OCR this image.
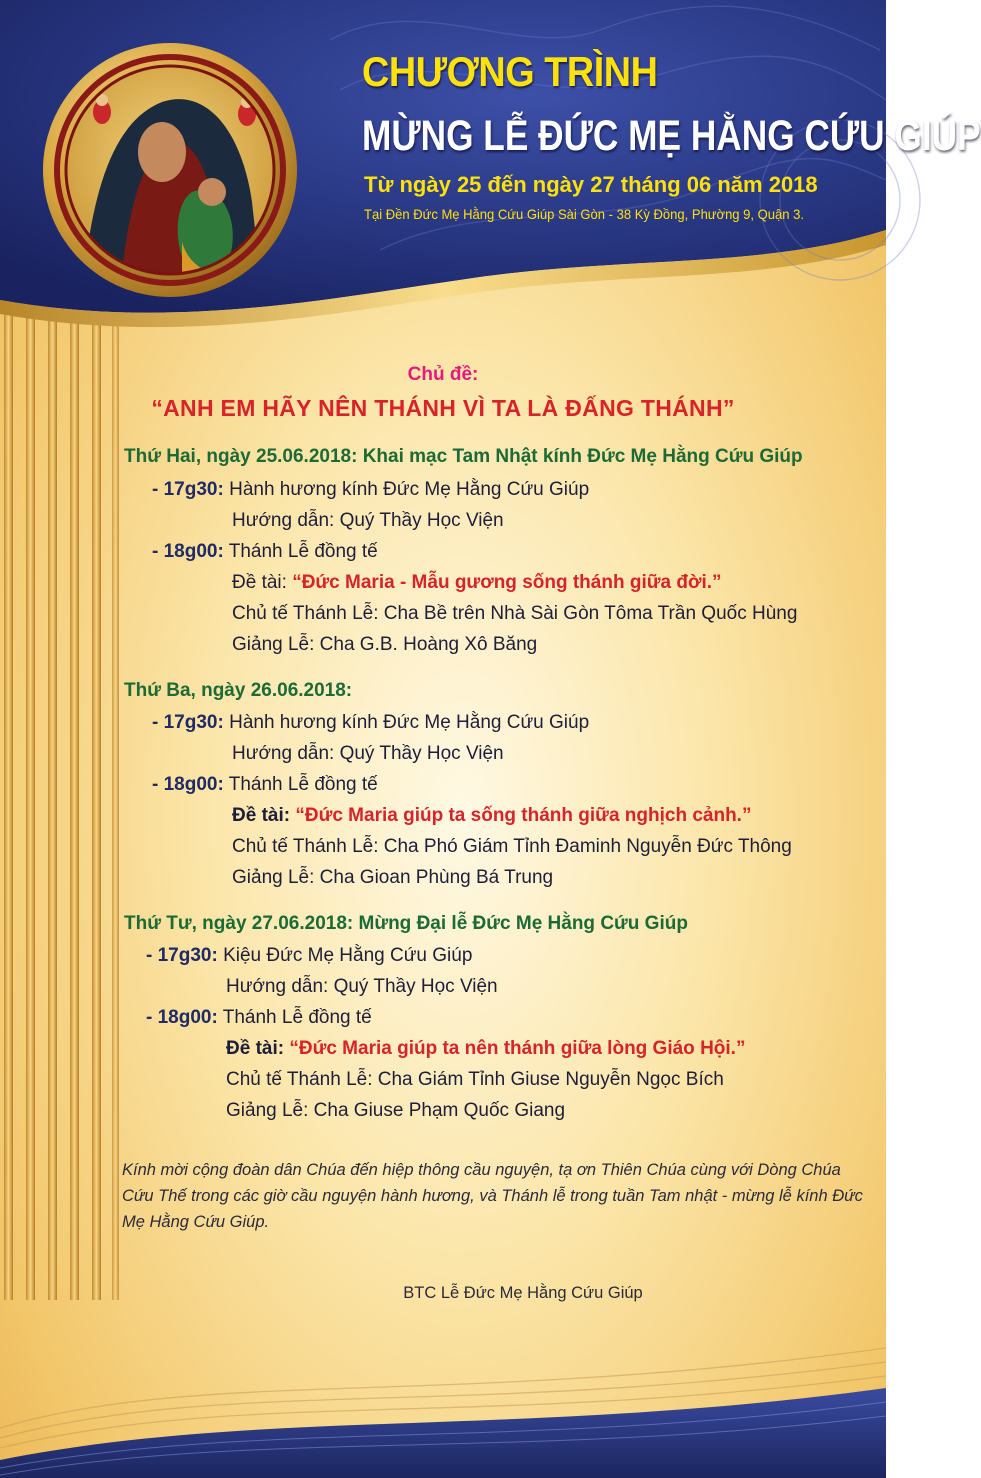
CHƯƠNG TRÌNH
MỪNG LỄ ĐỨC MẸ HẰNG CỨU GIÚP
Từ ngày 25 đến ngày 27 tháng 06 năm 2018
Tại Đền Đức Mẹ Hằng Cứu Giúp Sài Gòn - 38 Kỳ Đồng, Phường 9, Quận 3.
Chủ đề:
“ANH EM HÃY NÊN THÁNH VÌ TA LÀ ĐẤNG THÁNH”
Thứ Hai, ngày 25.06.2018: Khai mạc Tam Nhật kính Đức Mẹ Hằng Cứu Giúp
- 17g30: Hành hương kính Đức Mẹ Hằng Cứu Giúp
Hướng dẫn: Quý Thầy Học Viện
- 18g00: Thánh Lễ đồng tế
Đề tài: “Đức Maria - Mẫu gương sống thánh giữa đời.”
Chủ tế Thánh Lễ: Cha Bề trên Nhà Sài Gòn Tôma Trần Quốc Hùng
Giảng Lễ: Cha G.B. Hoàng Xô Băng
Thứ Ba, ngày 26.06.2018:
- 17g30: Hành hương kính Đức Mẹ Hằng Cứu Giúp
Hướng dẫn: Quý Thầy Học Viện
- 18g00: Thánh Lễ đồng tế
Đề tài: “Đức Maria giúp ta sống thánh giữa nghịch cảnh.”
Chủ tế Thánh Lễ: Cha Phó Giám Tỉnh Đaminh Nguyễn Đức Thông
Giảng Lễ: Cha Gioan Phùng Bá Trung
Thứ Tư, ngày 27.06.2018: Mừng Đại lễ Đức Mẹ Hằng Cứu Giúp
- 17g30: Kiệu Đức Mẹ Hằng Cứu Giúp
Hướng dẫn: Quý Thầy Học Viện
- 18g00: Thánh Lễ đồng tế
Đề tài: “Đức Maria giúp ta nên thánh giữa lòng Giáo Hội.”
Chủ tế Thánh Lễ: Cha Giám Tỉnh Giuse Nguyễn Ngọc Bích
Giảng Lễ: Cha Giuse Phạm Quốc Giang
Kính mời cộng đoàn dân Chúa đến hiệp thông cầu nguyện, tạ ơn Thiên Chúa cùng với Dòng Chúa Cứu Thế trong các giờ cầu nguyện hành hương, và Thánh lễ trong tuần Tam nhật - mừng lễ kính Đức Mẹ Hằng Cứu Giúp.
BTC Lễ Đức Mẹ Hằng Cứu Giúp
